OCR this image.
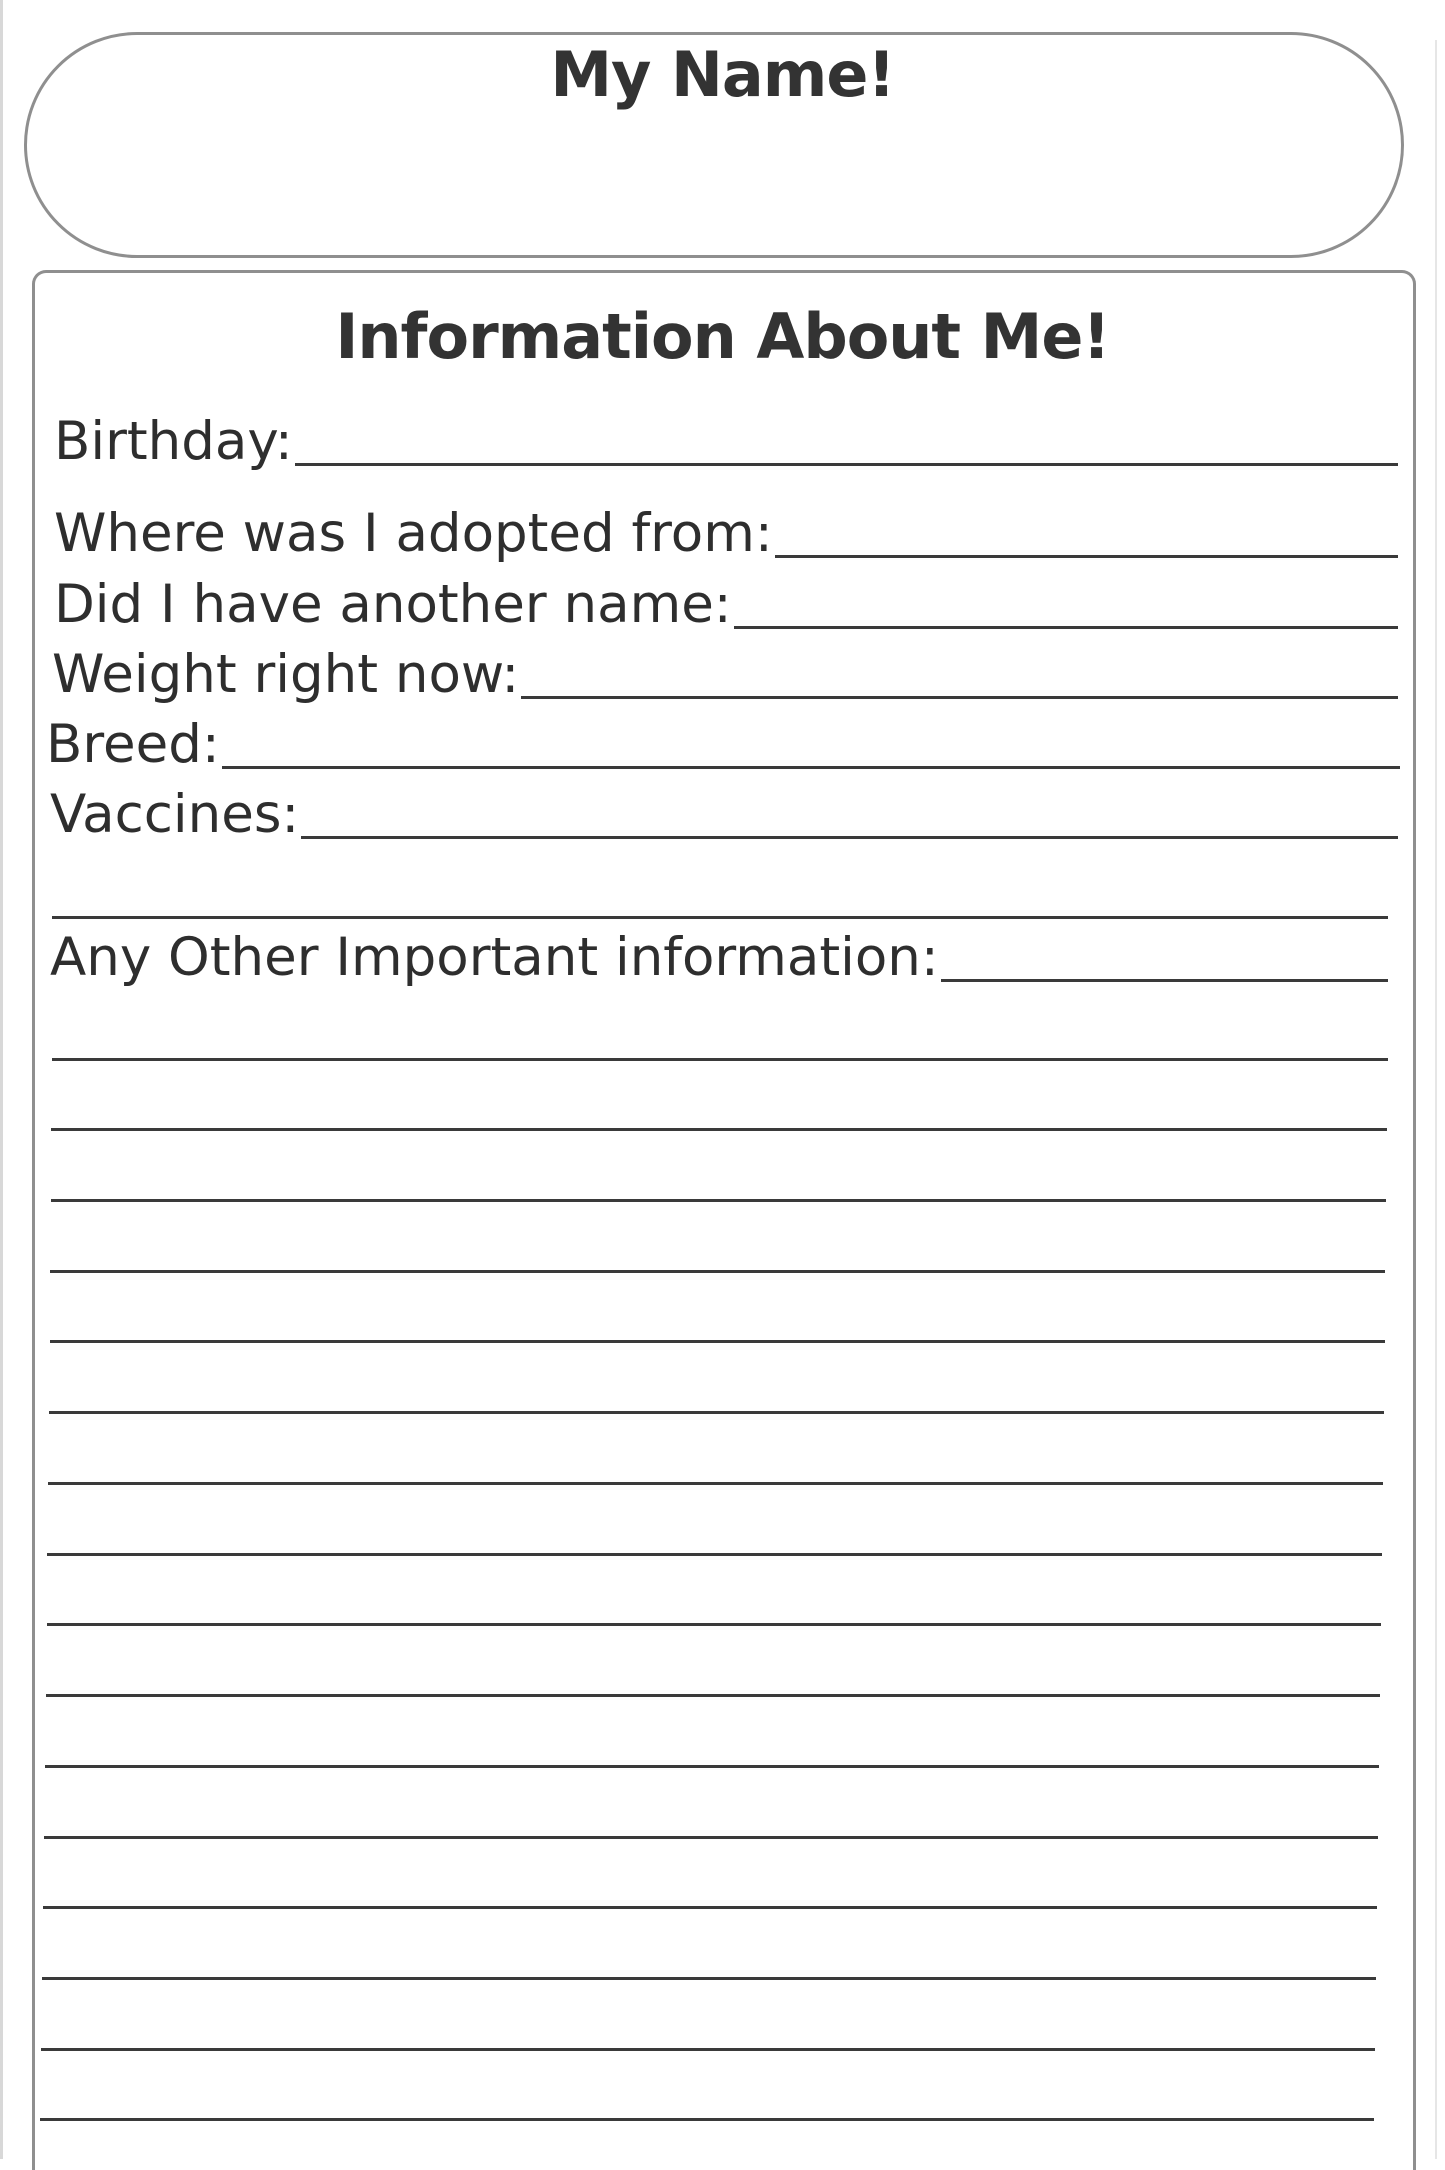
My Name!
Information About Me!
Birthday:
Where was I adopted from:
Did I have another name:
Weight right now:
Breed:
Vaccines:
Any Other Important information:
